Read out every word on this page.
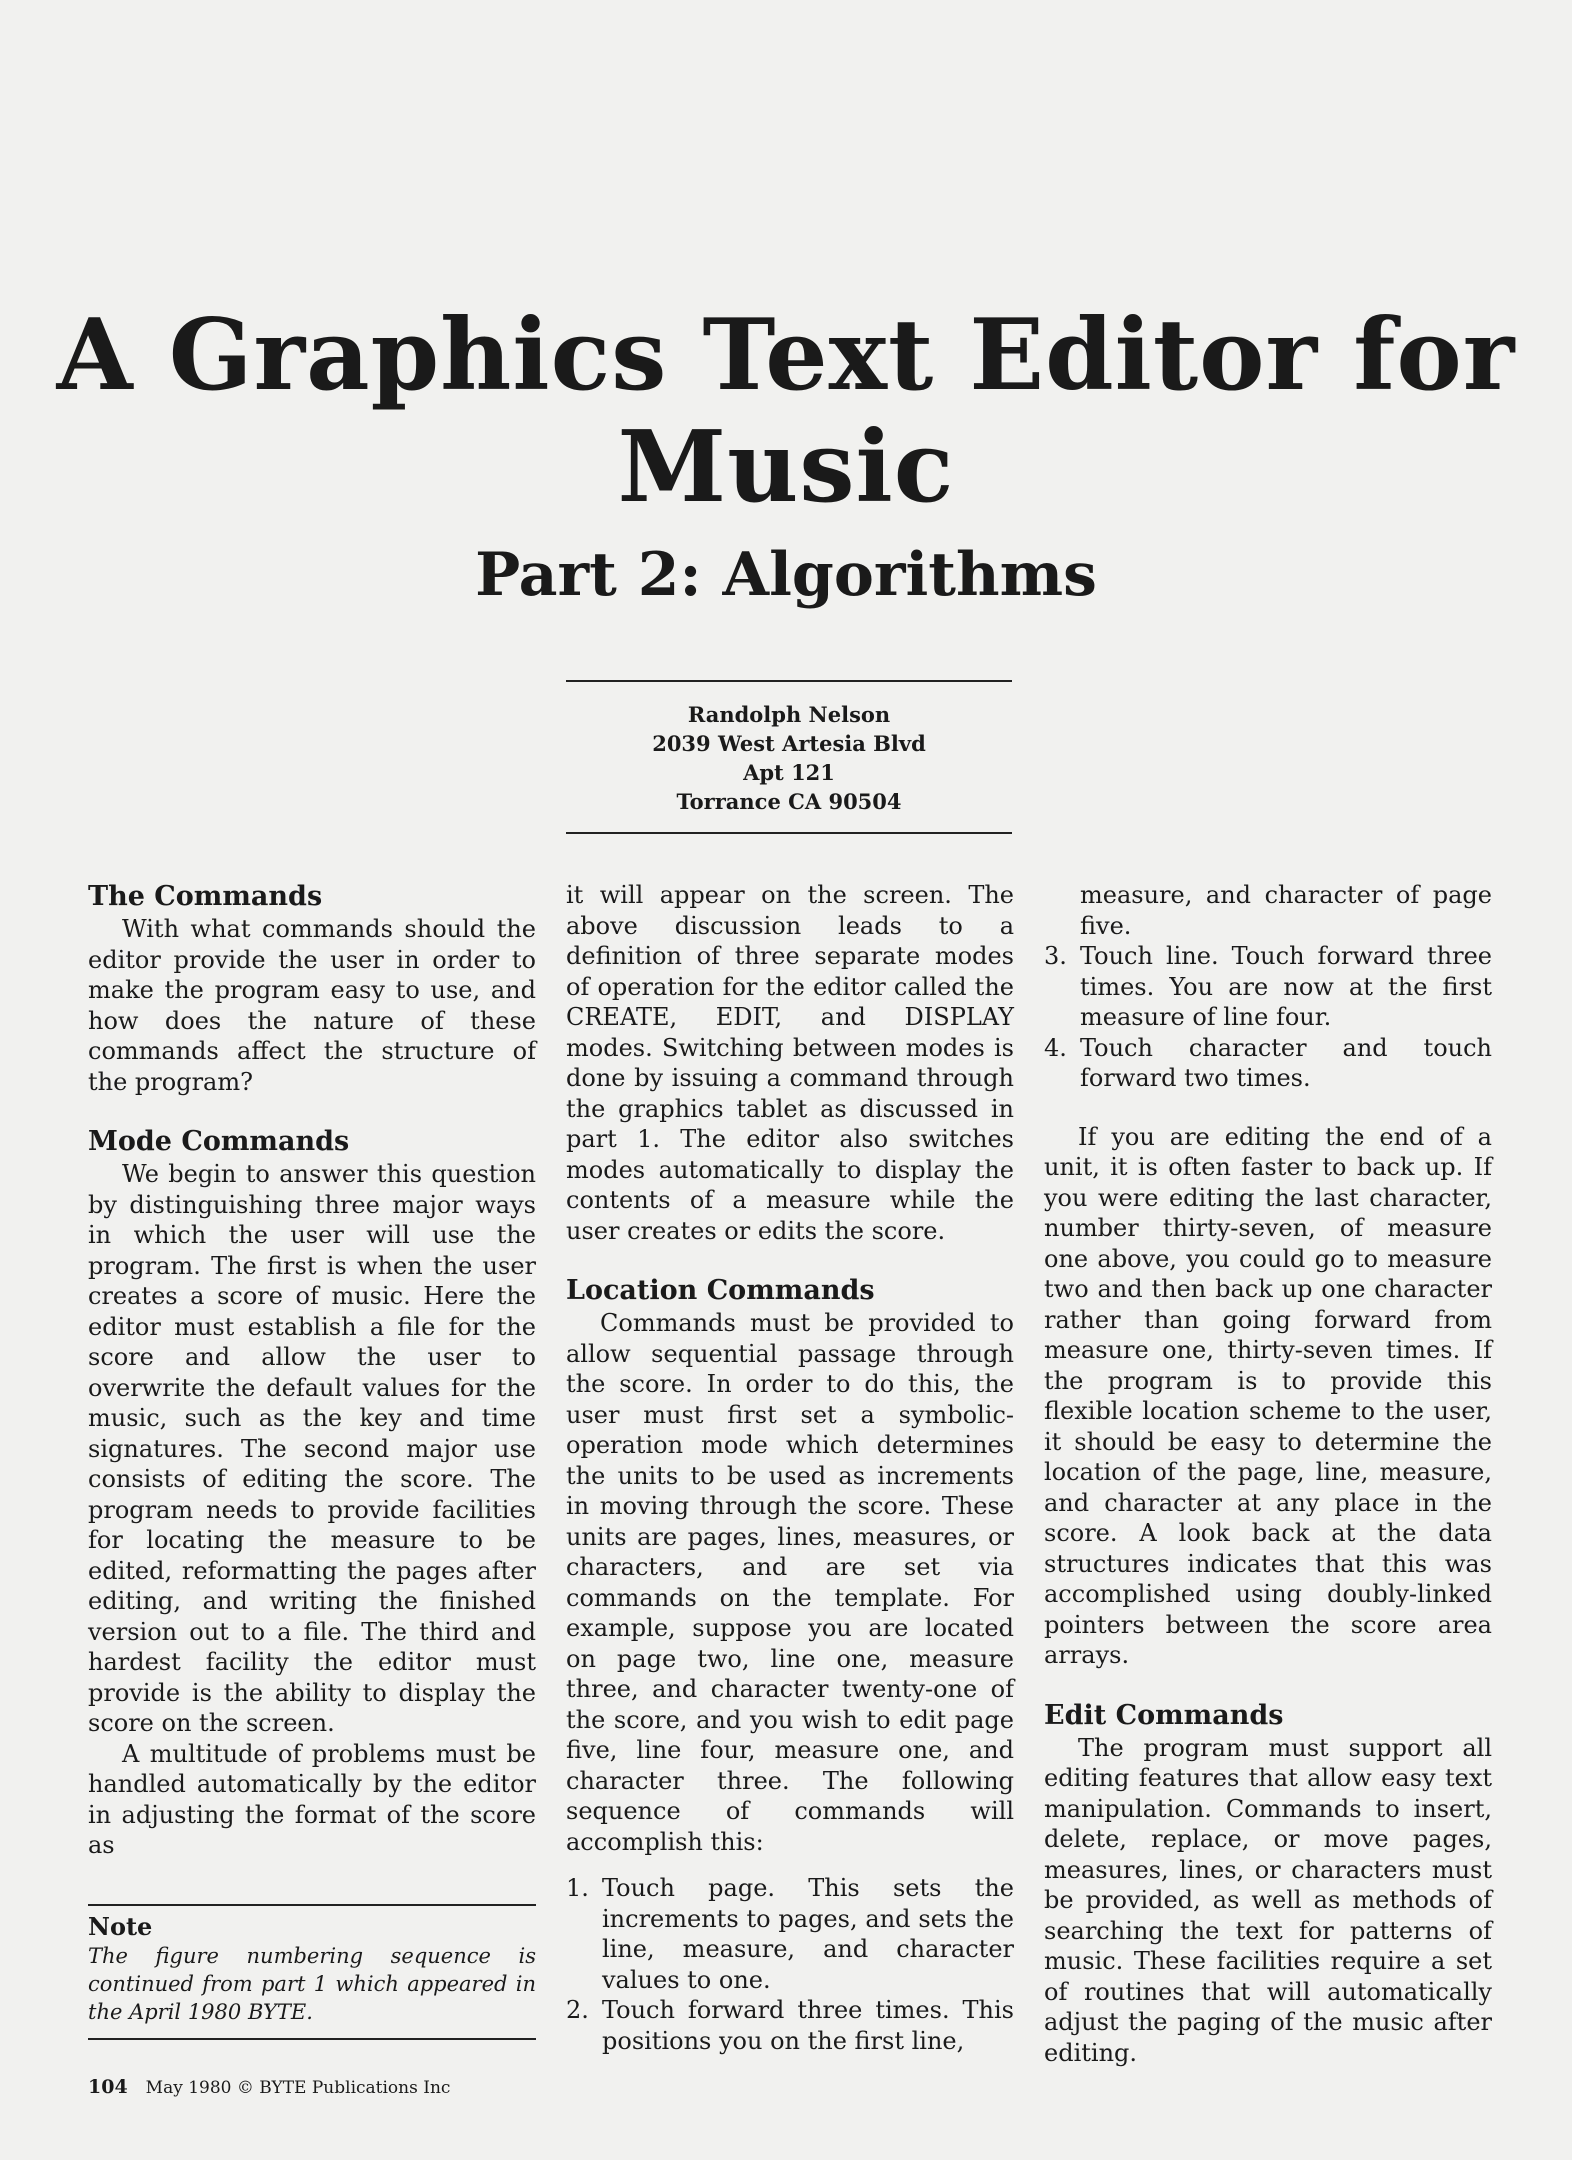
A Graphics Text Editor for
Music
Part 2: Algorithms
Randolph Nelson
2039 West Artesia Blvd
Apt 121
Torrance CA 90504
The Commands

With what commands should the editor provide the user in order to make the program easy to use, and how does the nature of these commands affect the structure of the program?

Mode Commands

We begin to answer this question by distinguishing three major ways in which the user will use the program. The first is when the user creates a score of music. Here the editor must establish a file for the score and allow the user to overwrite the default values for the music, such as the key and time signatures. The second major use consists of editing the score. The program needs to provide facilities for locating the measure to be edited, reformatting the pages after editing, and writing the finished version out to a file. The third and hardest facility the editor must provide is the ability to display the score on the screen.

A multitude of problems must be handled automatically by the editor in adjusting the format of the score as

Note

The figure numbering sequence is continued from part 1 which appeared in the April 1980 BYTE.

it will appear on the screen. The above discussion leads to a definition of three separate modes of operation for the editor called the CREATE, EDIT, and DISPLAY modes. Switching between modes is done by issuing a command through the graphics tablet as discussed in part 1. The editor also switches modes automatically to display the contents of a measure while the user creates or edits the score.

Location Commands

Commands must be provided to allow sequential passage through the score. In order to do this, the user must first set a symbolic-operation mode which determines the units to be used as increments in moving through the score. These units are pages, lines, measures, or characters, and are set via commands on the template. For example, suppose you are located on page two, line one, measure three, and character twenty-one of the score, and you wish to edit page five, line four, measure one, and character three. The following sequence of commands will accomplish this:

1. Touch page. This sets the increments to pages, and sets the line, measure, and character values to one.
2. Touch forward three times. This positions you on the first line,
measure, and character of page five.
3. Touch line. Touch forward three times. You are now at the first measure of line four.
4. Touch character and touch forward two times.

If you are editing the end of a unit, it is often faster to back up. If you were editing the last character, number thirty-seven, of measure one above, you could go to measure two and then back up one character rather than going forward from measure one, thirty-seven times. If the program is to provide this flexible location scheme to the user, it should be easy to determine the location of the page, line, measure, and character at any place in the score. A look back at the data structures indicates that this was accomplished using doubly-linked pointers between the score area arrays.

Edit Commands

The program must support all editing features that allow easy text manipulation. Commands to insert, delete, replace, or move pages, measures, lines, or characters must be provided, as well as methods of searching the text for patterns of music. These facilities require a set of routines that will automatically adjust the paging of the music after editing.

104 May 1980 © BYTE Publications Inc
